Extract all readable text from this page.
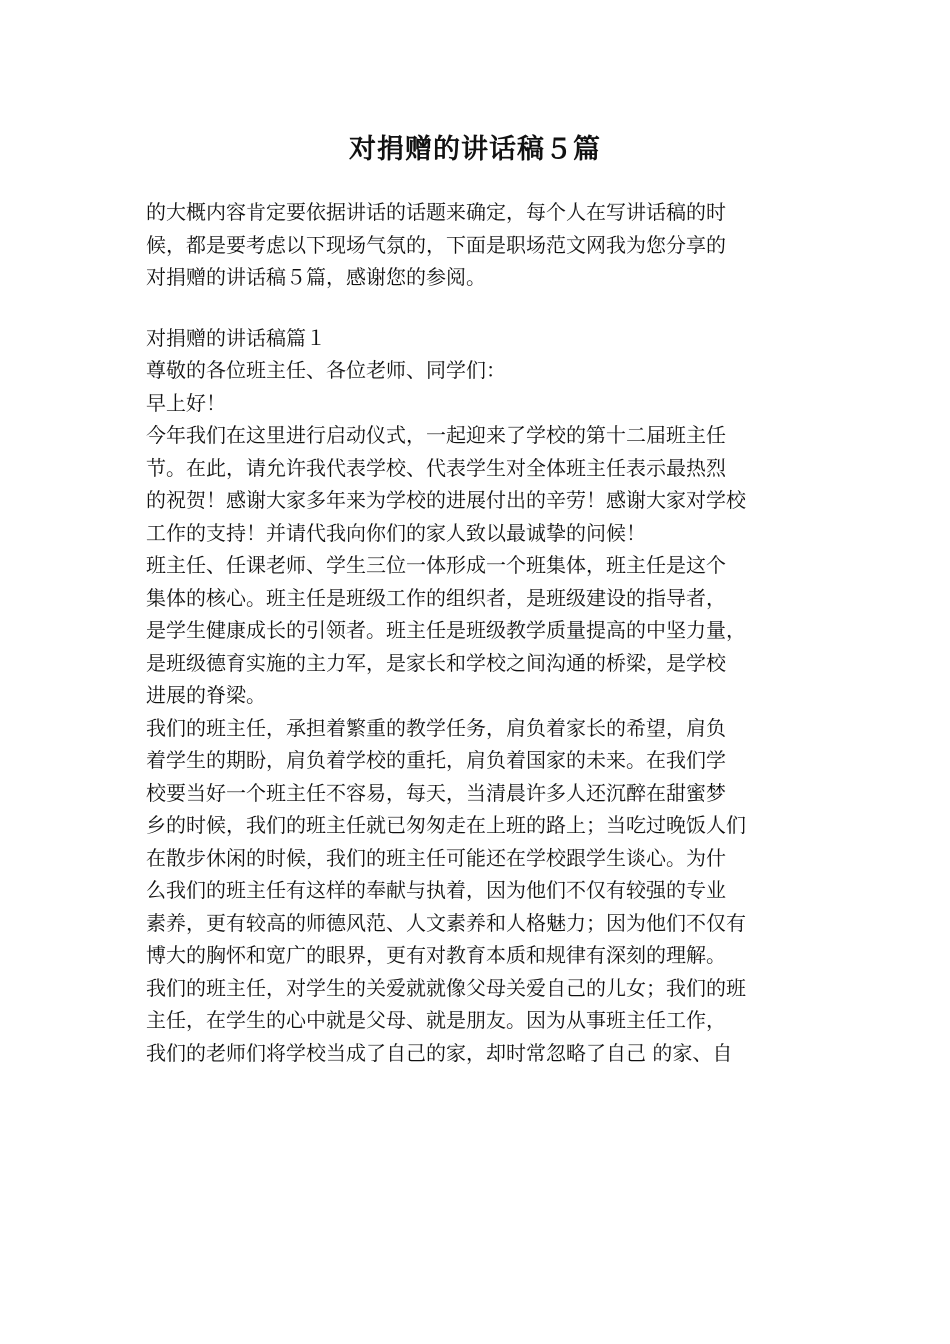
对捐赠的讲话稿５篇
的大概内容肯定要依据讲话的话题来确定，每个人在写讲话稿的时
候，都是要考虑以下现场气氛的，下面是职场范文网我为您分享的
对捐赠的讲话稿５篇，感谢您的参阅。
对捐赠的讲话稿篇１
尊敬的各位班主任、各位老师、同学们：
早上好！
今年我们在这里进行启动仪式，一起迎来了学校的第十二届班主任
节。在此，请允许我代表学校、代表学生对全体班主任表示最热烈
的祝贺！感谢大家多年来为学校的进展付出的辛劳！感谢大家对学校
工作的支持！并请代我向你们的家人致以最诚挚的问候！
班主任、任课老师、学生三位一体形成一个班集体，班主任是这个
集体的核心。班主任是班级工作的组织者，是班级建设的指导者，
是学生健康成长的引领者。班主任是班级教学质量提高的中坚力量，
是班级德育实施的主力军，是家长和学校之间沟通的桥梁，是学校
进展的脊梁。
我们的班主任，承担着繁重的教学任务，肩负着家长的希望，肩负
着学生的期盼，肩负着学校的重托，肩负着国家的未来。在我们学
校要当好一个班主任不容易，每天，当清晨许多人还沉醉在甜蜜梦
乡的时候，我们的班主任就已匆匆走在上班的路上；当吃过晚饭人们
在散步休闲的时候，我们的班主任可能还在学校跟学生谈心。为什
么我们的班主任有这样的奉献与执着，因为他们不仅有较强的专业
素养，更有较高的师德风范、人文素养和人格魅力；因为他们不仅有
博大的胸怀和宽广的眼界，更有对教育本质和规律有深刻的理解。
我们的班主任，对学生的关爱就就像父母关爱自己的儿女；我们的班
主任，在学生的心中就是父母、就是朋友。因为从事班主任工作，
我们的老师们将学校当成了自己的家，却时常忽略了自己 的家、自
